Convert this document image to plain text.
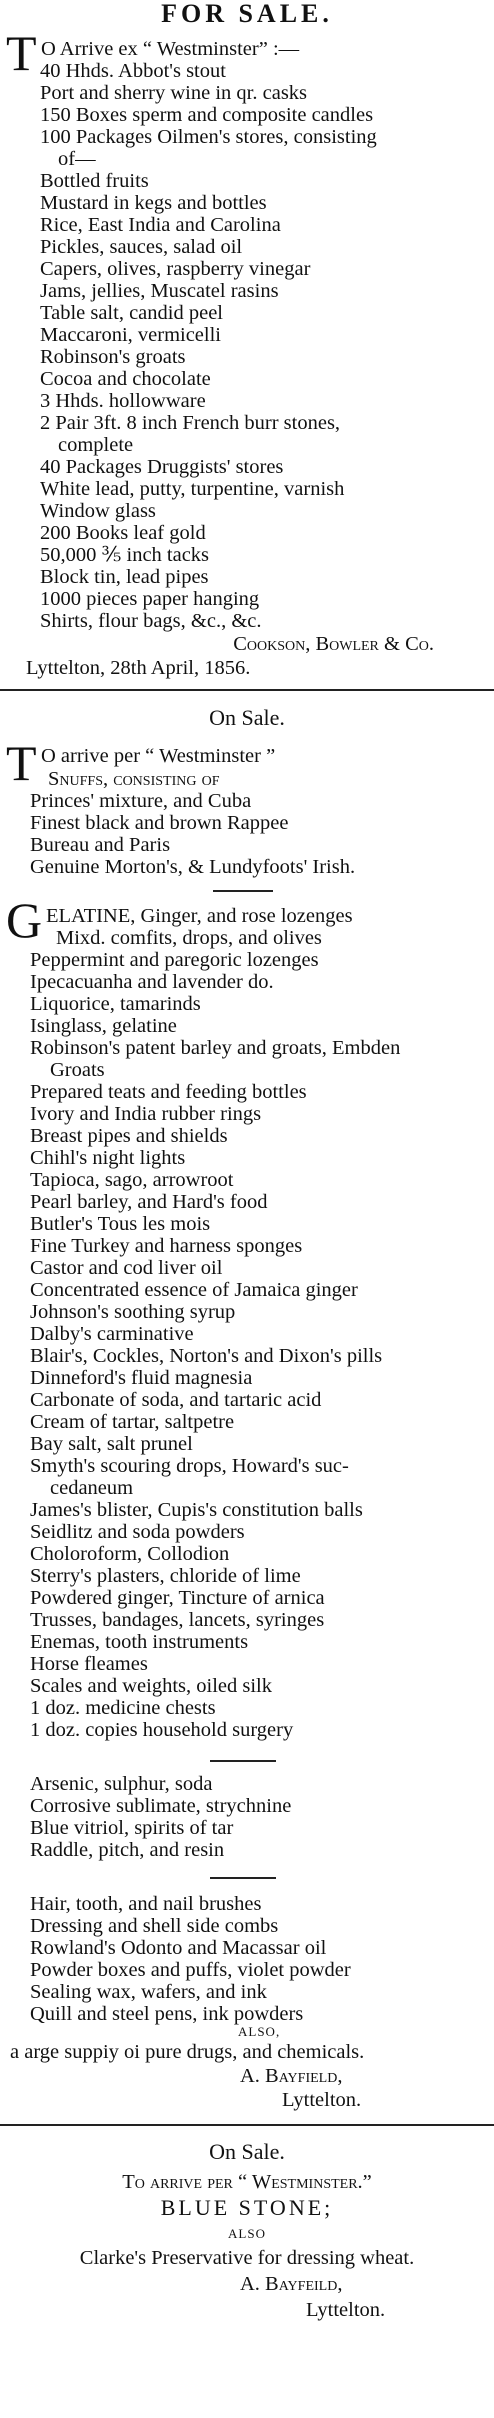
FOR SALE.
T O Arrive ex “ Westminster” :—
40 Hhds. Abbot's stout
Port and sherry wine in qr. casks
150 Boxes sperm and composite candles
100 Packages Oilmen's stores, consisting
of—
Bottled fruits
Mustard in kegs and bottles
Rice, East India and Carolina
Pickles, sauces, salad oil
Capers, olives, raspberry vinegar
Jams, jellies, Muscatel rasins
Table salt, candid peel
Maccaroni, vermicelli
Robinson's groats
Cocoa and chocolate
3 Hhds. hollowware
2 Pair 3ft. 8 inch French burr stones,
complete
40 Packages Druggists' stores
White lead, putty, turpentine, varnish
Window glass
200 Books leaf gold
50,000 ⅗ inch tacks
Block tin, lead pipes
1000 pieces paper hanging
Shirts, flour bags, &c., &c.
Cookson, Bowler & Co.
Lyttelton, 28th April, 1856.
On Sale.
T O arrive per “ Westminster ”
Snuffs, consisting of
Princes' mixture, and Cuba
Finest black and brown Rappee
Bureau and Paris
Genuine Morton's, & Lundyfoots' Irish.
G ELATINE, Ginger, and rose lozenges
Mixd. comfits, drops, and olives
Peppermint and paregoric lozenges
Ipecacuanha and lavender do.
Liquorice, tamarinds
Isinglass, gelatine
Robinson's patent barley and groats, Embden
Groats
Prepared teats and feeding bottles
Ivory and India rubber rings
Breast pipes and shields
Chihl's night lights
Tapioca, sago, arrowroot
Pearl barley, and Hard's food
Butler's Tous les mois
Fine Turkey and harness sponges
Castor and cod liver oil
Concentrated essence of Jamaica ginger
Johnson's soothing syrup
Dalby's carminative
Blair's, Cockles, Norton's and Dixon's pills
Dinneford's fluid magnesia
Carbonate of soda, and tartaric acid
Cream of tartar, saltpetre
Bay salt, salt prunel
Smyth's scouring drops, Howard's suc-
cedaneum
James's blister, Cupis's constitution balls
Seidlitz and soda powders
Choloroform, Collodion
Sterry's plasters, chloride of lime
Powdered ginger, Tincture of arnica
Trusses, bandages, lancets, syringes
Enemas, tooth instruments
Horse fleames
Scales and weights, oiled silk
1 doz. medicine chests
1 doz. copies household surgery
Arsenic, sulphur, soda
Corrosive sublimate, strychnine
Blue vitriol, spirits of tar
Raddle, pitch, and resin
Hair, tooth, and nail brushes
Dressing and shell side combs
Rowland's Odonto and Macassar oil
Powder boxes and puffs, violet powder
Sealing wax, wafers, and ink
Quill and steel pens, ink powders
ALSO,
a arge suppiy oi pure drugs, and chemicals.
A. Bayfield,
Lyttelton.
On Sale.
To arrive per “ Westminster.”
BLUE STONE;
ALSO
Clarke's Preservative for dressing wheat.
A. Bayfeild,
Lyttelton.
